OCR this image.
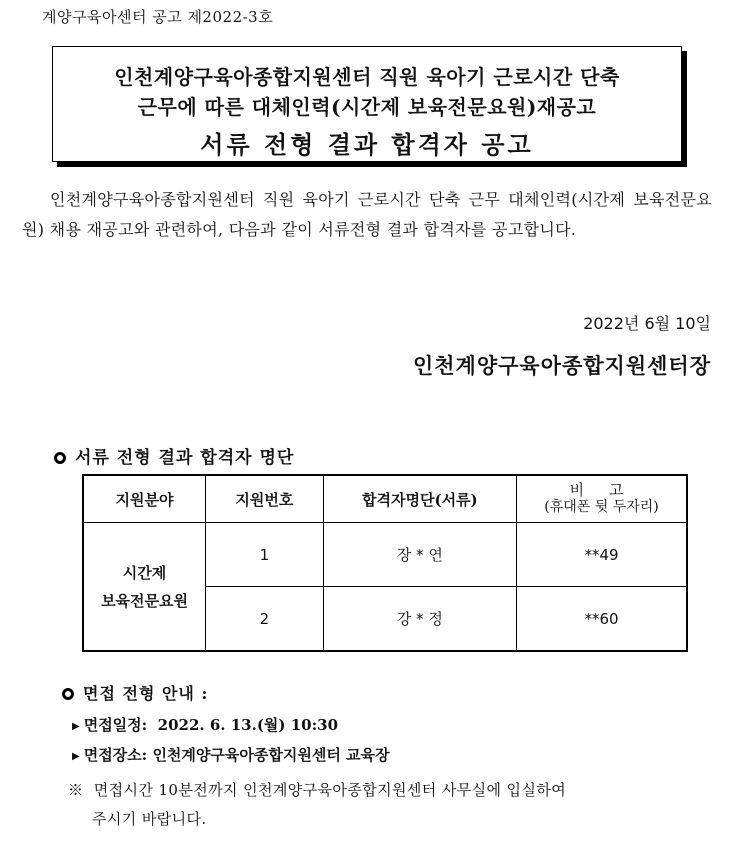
계양구육아센터 공고 제2022-3호
인천계양구육아종합지원센터 직원 육아기 근로시간 단축
근무에 따른 대체인력(시간제 보육전문요원)재공고
서류 전형 결과 합격자 공고
인천계양구육아종합지원센터 직원 육아기 근로시간 단축 근무 대체인력(시간제 보육전문요원) 채용 재공고와 관련하여, 다음과 같이 서류전형 결과 합격자를 공고합니다.
2022년 6월 10일
인천계양구육아종합지원센터장
서류 전형 결과 합격자 명단
지원분야	지원번호	합격자명단(서류)	비 고
(휴대폰 뒷 두자리)

시간제
보육전문요원	1	장 * 연	**49
	2	강 * 정	**60
면접 전형 안내 :
▶ 면접일정: 2022. 6. 13.(월) 10:30
▶ 면접장소: 인천계양구육아종합지원센터 교육장
※ 면접시간 10분전까지 인천계양구육아종합지원센터 사무실에 입실하여
주시기 바랍니다.
